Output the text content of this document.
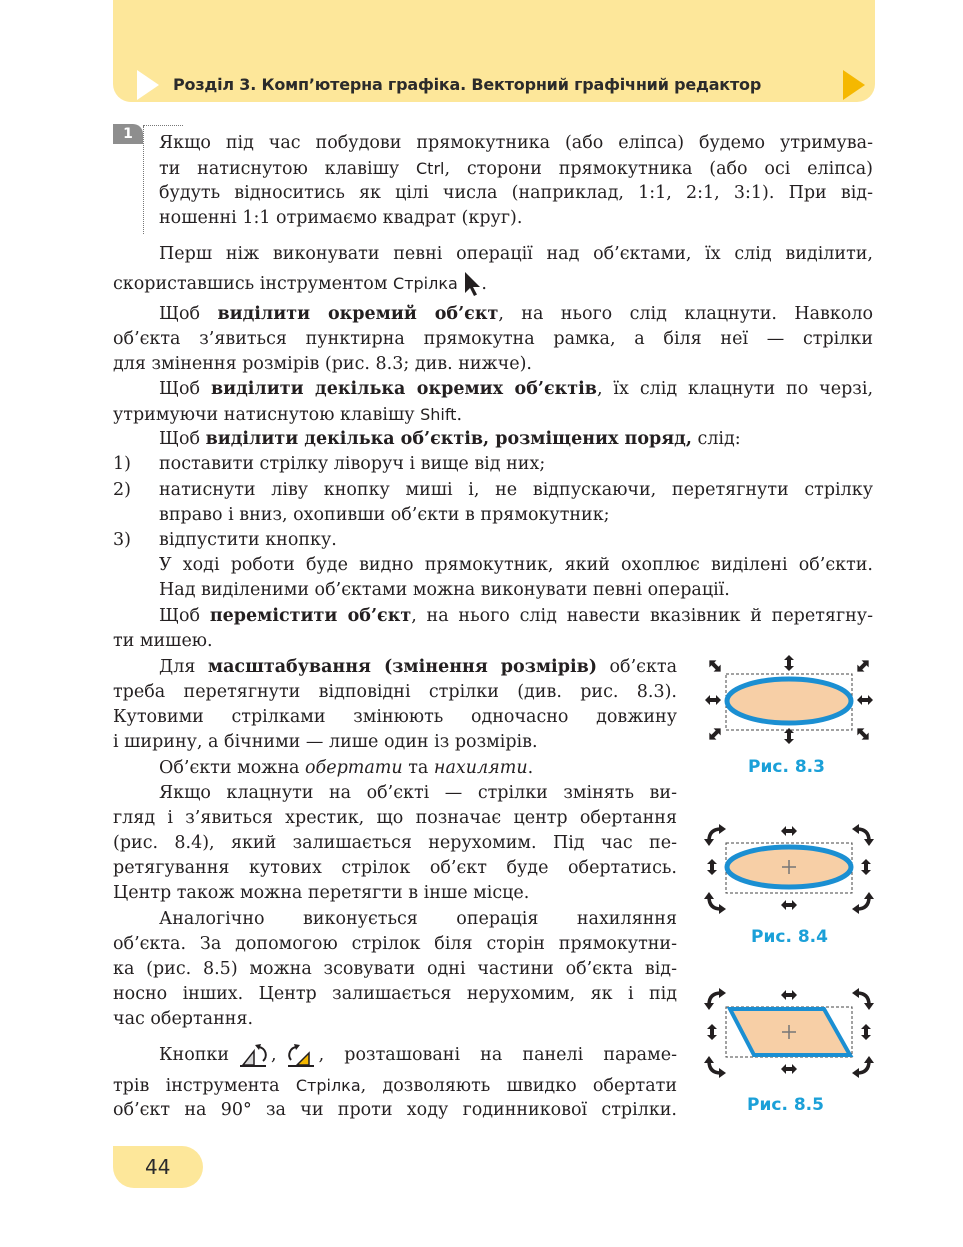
Розділ 3. Комп’ютерна графіка. Векторний графічний редактор
1	Якщо під час побудови прямокутника (або еліпса) будемо утримува-
ти натиснутою клавішу Ctrl, сторони прямокутника (або осі еліпса)
будуть відноситись як цілі числа (наприклад, 1:1, 2:1, 3:1). При від-
ношенні 1:1 отримаємо квадрат (круг).
Перш ніж виконувати певні операції над об’єктами, їх слід виділити,
скориставшись інструментом Стрілка .
Щоб виділити окремий об’єкт, на нього слід клацнути. Навколо
об’єкта з’явиться пунктирна прямокутна рамка, а біля неї — стрілки
для змінення розмірів (рис. 8.3; див. нижче).
Щоб виділити декілька окремих об’єктів, їх слід клацнути по черзі,
утримуючи натиснутою клавішу Shift.
Щоб виділити декілька об’єктів, розміщених поряд, слід:
1) поставити стрілку ліворуч і вище від них;
2) натиснути ліву кнопку миші і, не відпускаючи, перетягнути стрілку
вправо і вниз, охопивши об’єкти в прямокутник;
3) відпустити кнопку.
У ході роботи буде видно прямокутник, який охоплює виділені об’єкти.
Над виділеними об’єктами можна виконувати певні операції.
Щоб перемістити об’єкт, на нього слід навести вказівник й перетягну-
ти мишею.
Для масштабування (змінення розмірів) об’єкта
треба перетягнути відповідні стрілки (див. рис. 8.3).
Кутовими стрілками змінюють одночасно довжину
і ширину, а бічними — лише один із розмірів.
Об’єкти можна обертати та нахиляти.
Якщо клацнути на об’єкті — стрілки змінять ви-
гляд і з’явиться хрестик, що позначає центр обертання
(рис. 8.4), який залишається нерухомим. Під час пе-
ретягування кутових стрілок об’єкт буде обертатись.
Центр також можна перетягти в інше місце.
Аналогічно виконується операція нахиляння
об’єкта. За допомогою стрілок біля сторін прямокутни-
ка (рис. 8.5) можна зсовувати одні частини об’єкта від-
носно інших. Центр залишається нерухомим, як і під
час обертання.
Кнопки , , розташовані на панелі параме-
трів інструмента Стрілка, дозволяють швидко обертати
об’єкт на 90° за чи проти ходу годинникової стрілки.
Рис. 8.3
Рис. 8.4
Рис. 8.5
44
